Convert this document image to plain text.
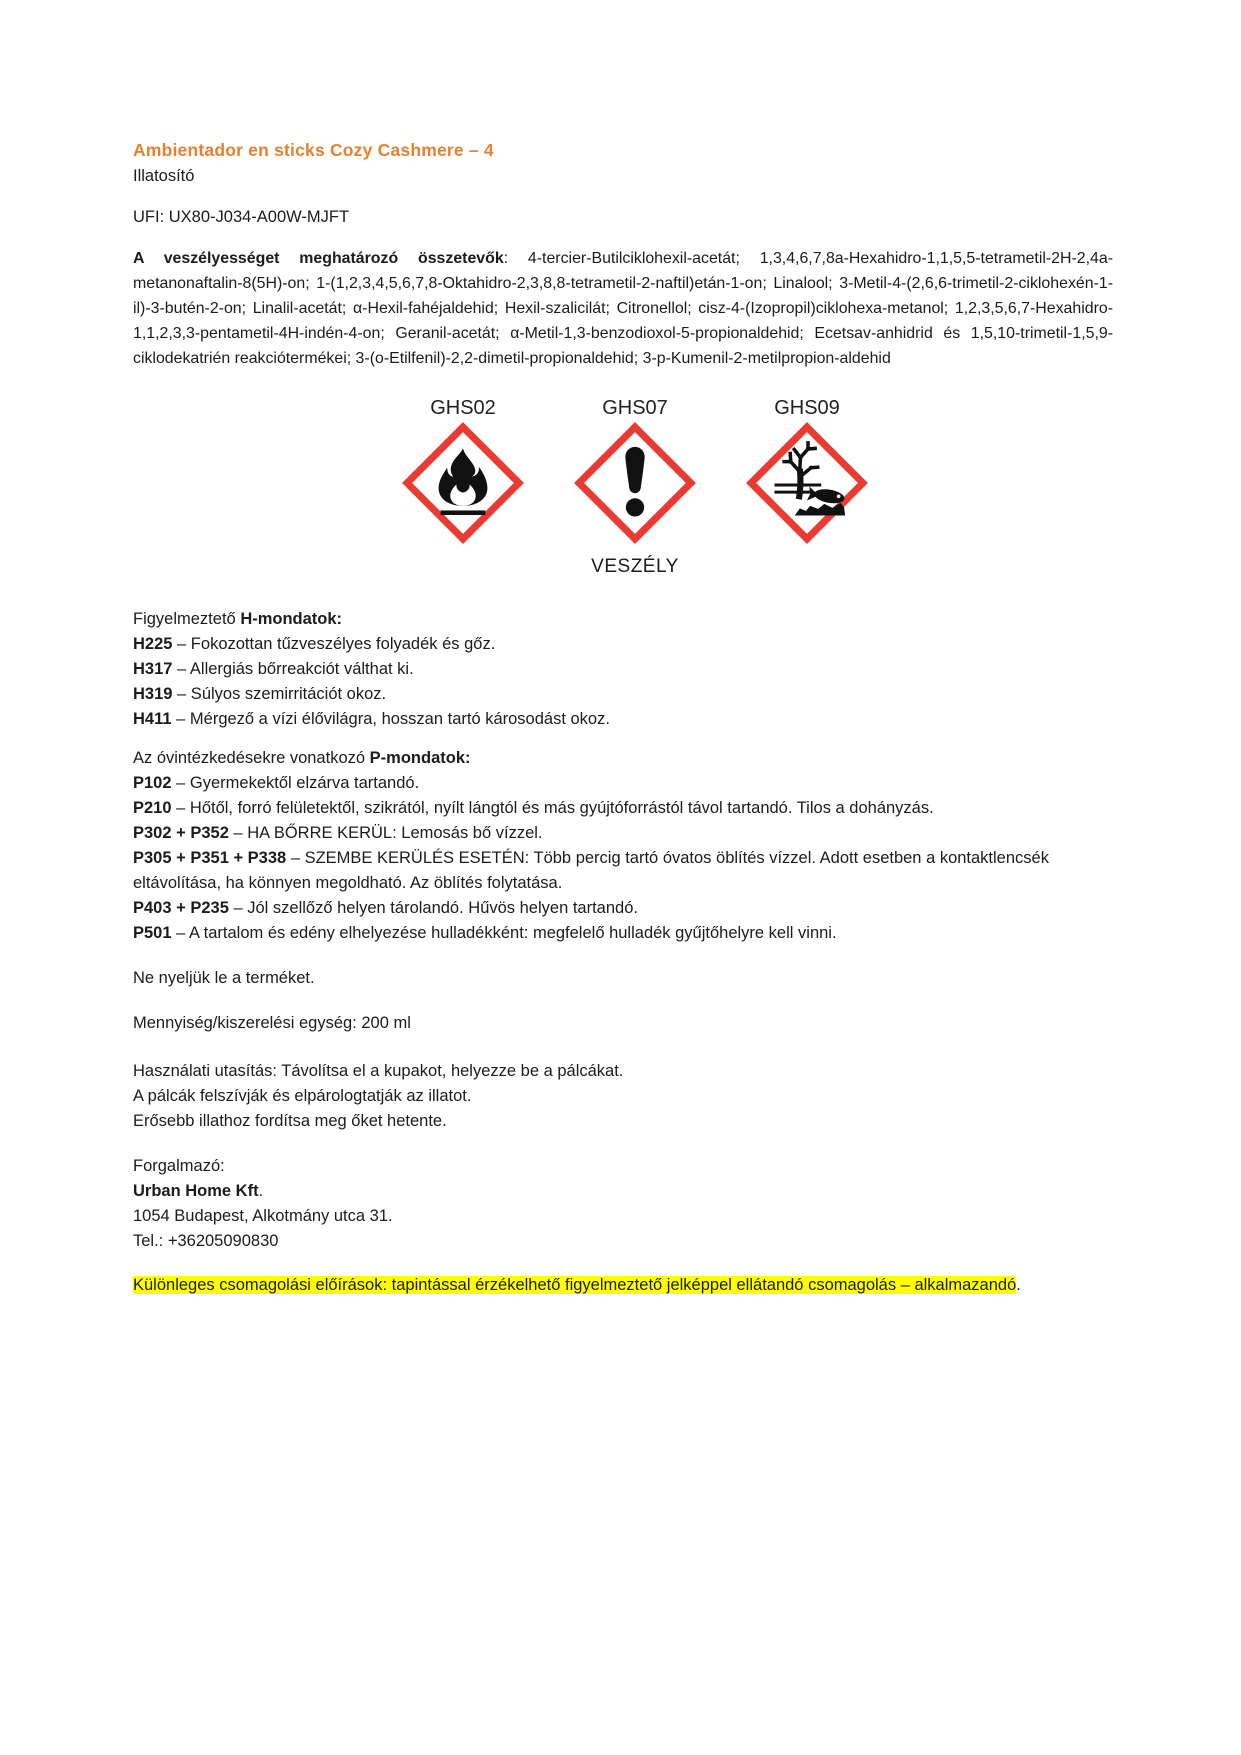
Ambientador en sticks Cozy Cashmere – 4

Illatosító

UFI: UX80-J034-A00W-MJFT

A veszélyességet meghatározó összetevők: 4-tercier-Butilciklohexil-acetát; 1,3,4,6,7,8a-Hexahidro-1,1,5,5-tetrametil-2H-2,4a-metanonaftalin-8(5H)-on; 1-(1,2,3,4,5,6,7,8-Oktahidro-2,3,8,8-tetrametil-2-naftil)etán-1-on; Linalool; 3-Metil-4-(2,6,6-trimetil-2-ciklohexén-1-il)-3-butén-2-on; Linalil-acetát; α-Hexil-fahéjaldehid; Hexil-szalicilát; Citronellol; cisz-4-(Izopropil)ciklohexa-metanol; 1,2,3,5,6,7-Hexahidro-1,1,2,3,3-pentametil-4H-indén-4-on; Geranil-acetát; α-Metil-1,3-benzodioxol-5-propionaldehid; Ecetsav-anhidrid és 1,5,10-trimetil-1,5,9-ciklodekatrién reakciótermékei; 3-(o-Etilfenil)-2,2-dimetil-propionaldehid; 3-p-Kumenil-2-metilpropion-aldehid

GHS02	GHS07
VESZÉLY
GHS09

Figyelmeztető H-mondatok:

H225 – Fokozottan tűzveszélyes folyadék és gőz.

H317 – Allergiás bőrreakciót válthat ki.

H319 – Súlyos szemirritációt okoz.

H411 – Mérgező a vízi élővilágra, hosszan tartó károsodást okoz.

Az óvintézkedésekre vonatkozó P-mondatok:

P102 – Gyermekektől elzárva tartandó.

P210 – Hőtől, forró felületektől, szikrától, nyílt lángtól és más gyújtóforrástól távol tartandó. Tilos a dohányzás.

P302 + P352 – HA BŐRRE KERÜL: Lemosás bő vízzel.

P305 + P351 + P338 – SZEMBE KERÜLÉS ESETÉN: Több percig tartó óvatos öblítés vízzel. Adott esetben a kontaktlencsék eltávolítása, ha könnyen megoldható. Az öblítés folytatása.

P403 + P235 – Jól szellőző helyen tárolandó. Hűvös helyen tartandó.

P501 – A tartalom és edény elhelyezése hulladékként: megfelelő hulladék gyűjtőhelyre kell vinni.

Ne nyeljük le a terméket.

Mennyiség/kiszerelési egység: 200 ml

Használati utasítás: Távolítsa el a kupakot, helyezze be a pálcákat.

A pálcák felszívják és elpárologtatják az illatot.

Erősebb illathoz fordítsa meg őket hetente.

Forgalmazó:

Urban Home Kft.

1054 Budapest, Alkotmány utca 31.

Tel.: +36205090830

Különleges csomagolási előírások: tapintással érzékelhető figyelmeztető jelképpel ellátandó csomagolás – alkalmazandó.
